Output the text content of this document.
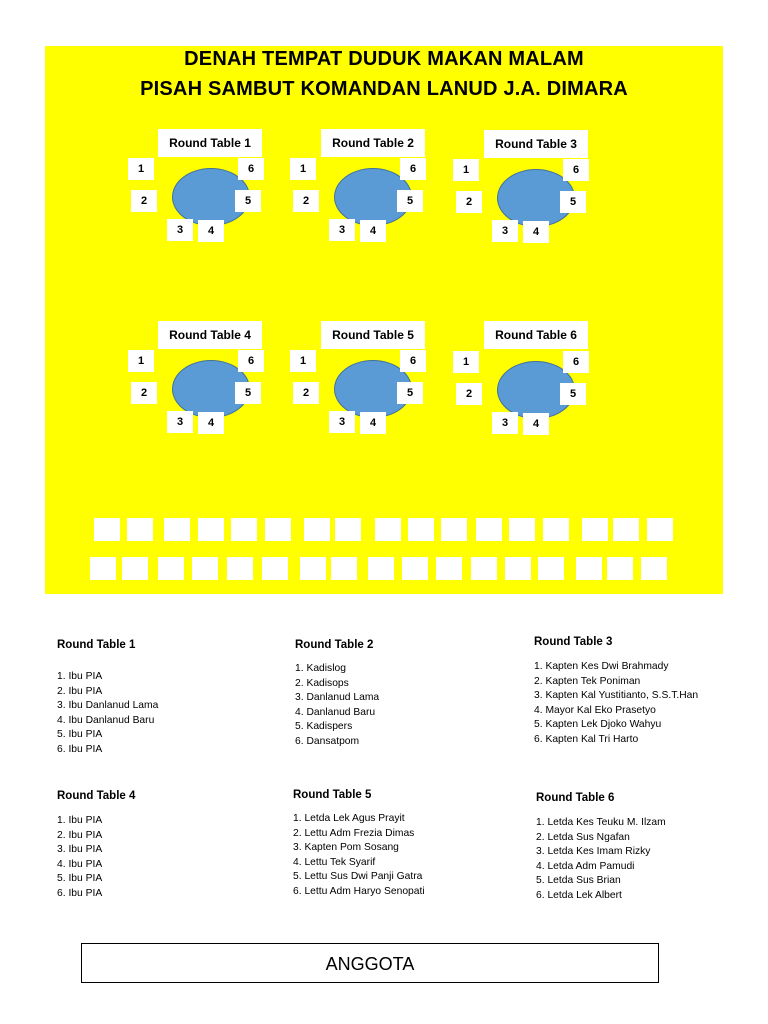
DENAH TEMPAT DUDUK MAKAN MALAM
PISAH SAMBUT KOMANDAN LANUD J.A. DIMARA
Round Table 1
1
2
3	4
5
6
Round Table 2
1
2
3	4
5
6
Round Table 3
1
2
3	4
5
6
Round Table 4
1
2
3	4
5
6
Round Table 5
1
2
3	4
5
6
Round Table 6
1
2
3	4
5
6
Round Table 1
1. Ibu PIA
2. Ibu PIA
3. Ibu Danlanud Lama
4. Ibu Danlanud Baru
5. Ibu PIA
6. Ibu PIA
Round Table 2
1. Kadislog
2. Kadisops
3. Danlanud Lama
4. Danlanud Baru
5. Kadispers
6. Dansatpom
Round Table 3
1. Kapten Kes Dwi Brahmady
2. Kapten Tek Poniman
3. Kapten Kal Yustitianto, S.S.T.Han
4. Mayor Kal Eko Prasetyo
5. Kapten Lek Djoko Wahyu
6. Kapten Kal Tri Harto
Round Table 4
1. Ibu PIA
2. Ibu PIA
3. Ibu PIA
4. Ibu PIA
5. Ibu PIA
6. Ibu PIA
Round Table 5
1. Letda Lek Agus Prayit
2. Lettu Adm Frezia Dimas
3. Kapten Pom Sosang
4. Lettu Tek Syarif
5. Lettu Sus Dwi Panji Gatra
6. Lettu Adm Haryo Senopati
Round Table 6
1. Letda Kes Teuku M. Ilzam
2. Letda Sus Ngafan
3. Letda Kes Imam Rizky
4. Letda Adm Pamudi
5. Letda Sus Brian
6. Letda Lek Albert
ANGGOTA
